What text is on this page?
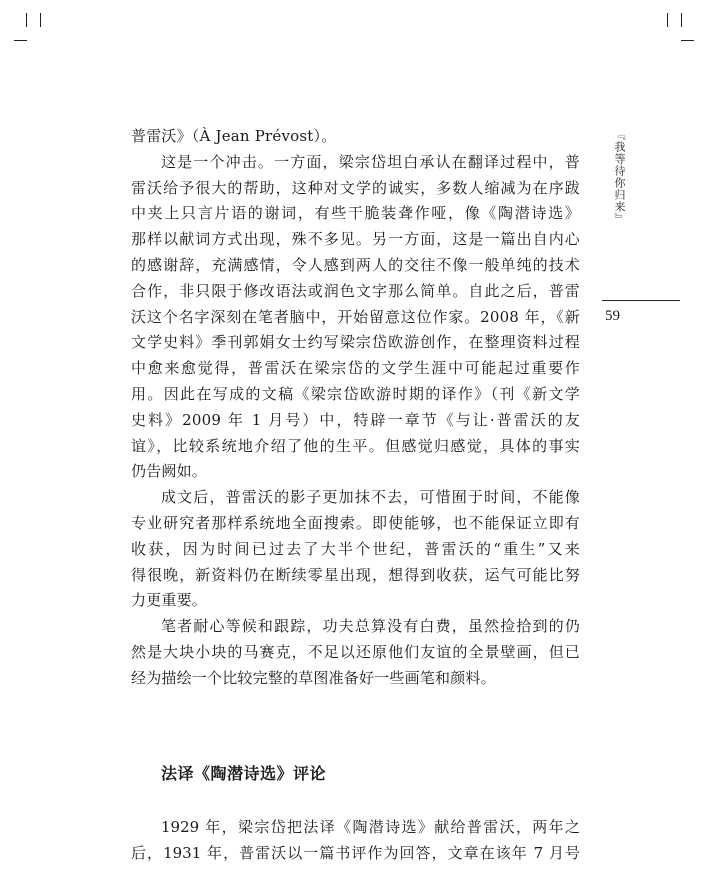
『我等待你归来』
59

普雷沃》（À Jean Prévost）。

这是一个冲击。一方面，梁宗岱坦白承认在翻译过程中，普
雷沃给予很大的帮助，这种对文学的诚实，多数人缩减为在序跋
中夹上只言片语的谢词，有些干脆装聋作哑，像《陶潜诗选》
那样以献词方式出现，殊不多见。另一方面，这是一篇出自内心
的感谢辞，充满感情，令人感到两人的交往不像一般单纯的技术
合作，非只限于修改语法或润色文字那么简单。自此之后，普雷
沃这个名字深刻在笔者脑中，开始留意这位作家。2008 年，《新
文学史料》季刊郭娟女士约写梁宗岱欧游创作，在整理资料过程
中愈来愈觉得，普雷沃在梁宗岱的文学生涯中可能起过重要作
用。因此在写成的文稿《梁宗岱欧游时期的译作》（刊《新文学
史料》2009 年 1 月号）中，特辟一章节《与让·普雷沃的友
谊》，比较系统地介绍了他的生平。但感觉归感觉，具体的事实
仍告阙如。

成文后，普雷沃的影子更加抹不去，可惜囿于时间，不能像
专业研究者那样系统地全面搜索。即使能够，也不能保证立即有
收获，因为时间已过去了大半个世纪，普雷沃的“重生”又来
得很晚，新资料仍在断续零星出现，想得到收获，运气可能比努
力更重要。

笔者耐心等候和跟踪，功夫总算没有白费，虽然捡拾到的仍
然是大块小块的马赛克，不足以还原他们友谊的全景壁画，但已
经为描绘一个比较完整的草图准备好一些画笔和颜料。

法译《陶潜诗选》评论

1929 年，梁宗岱把法译《陶潜诗选》献给普雷沃，两年之
后，1931 年，普雷沃以一篇书评作为回答，文章在该年 7 月号
